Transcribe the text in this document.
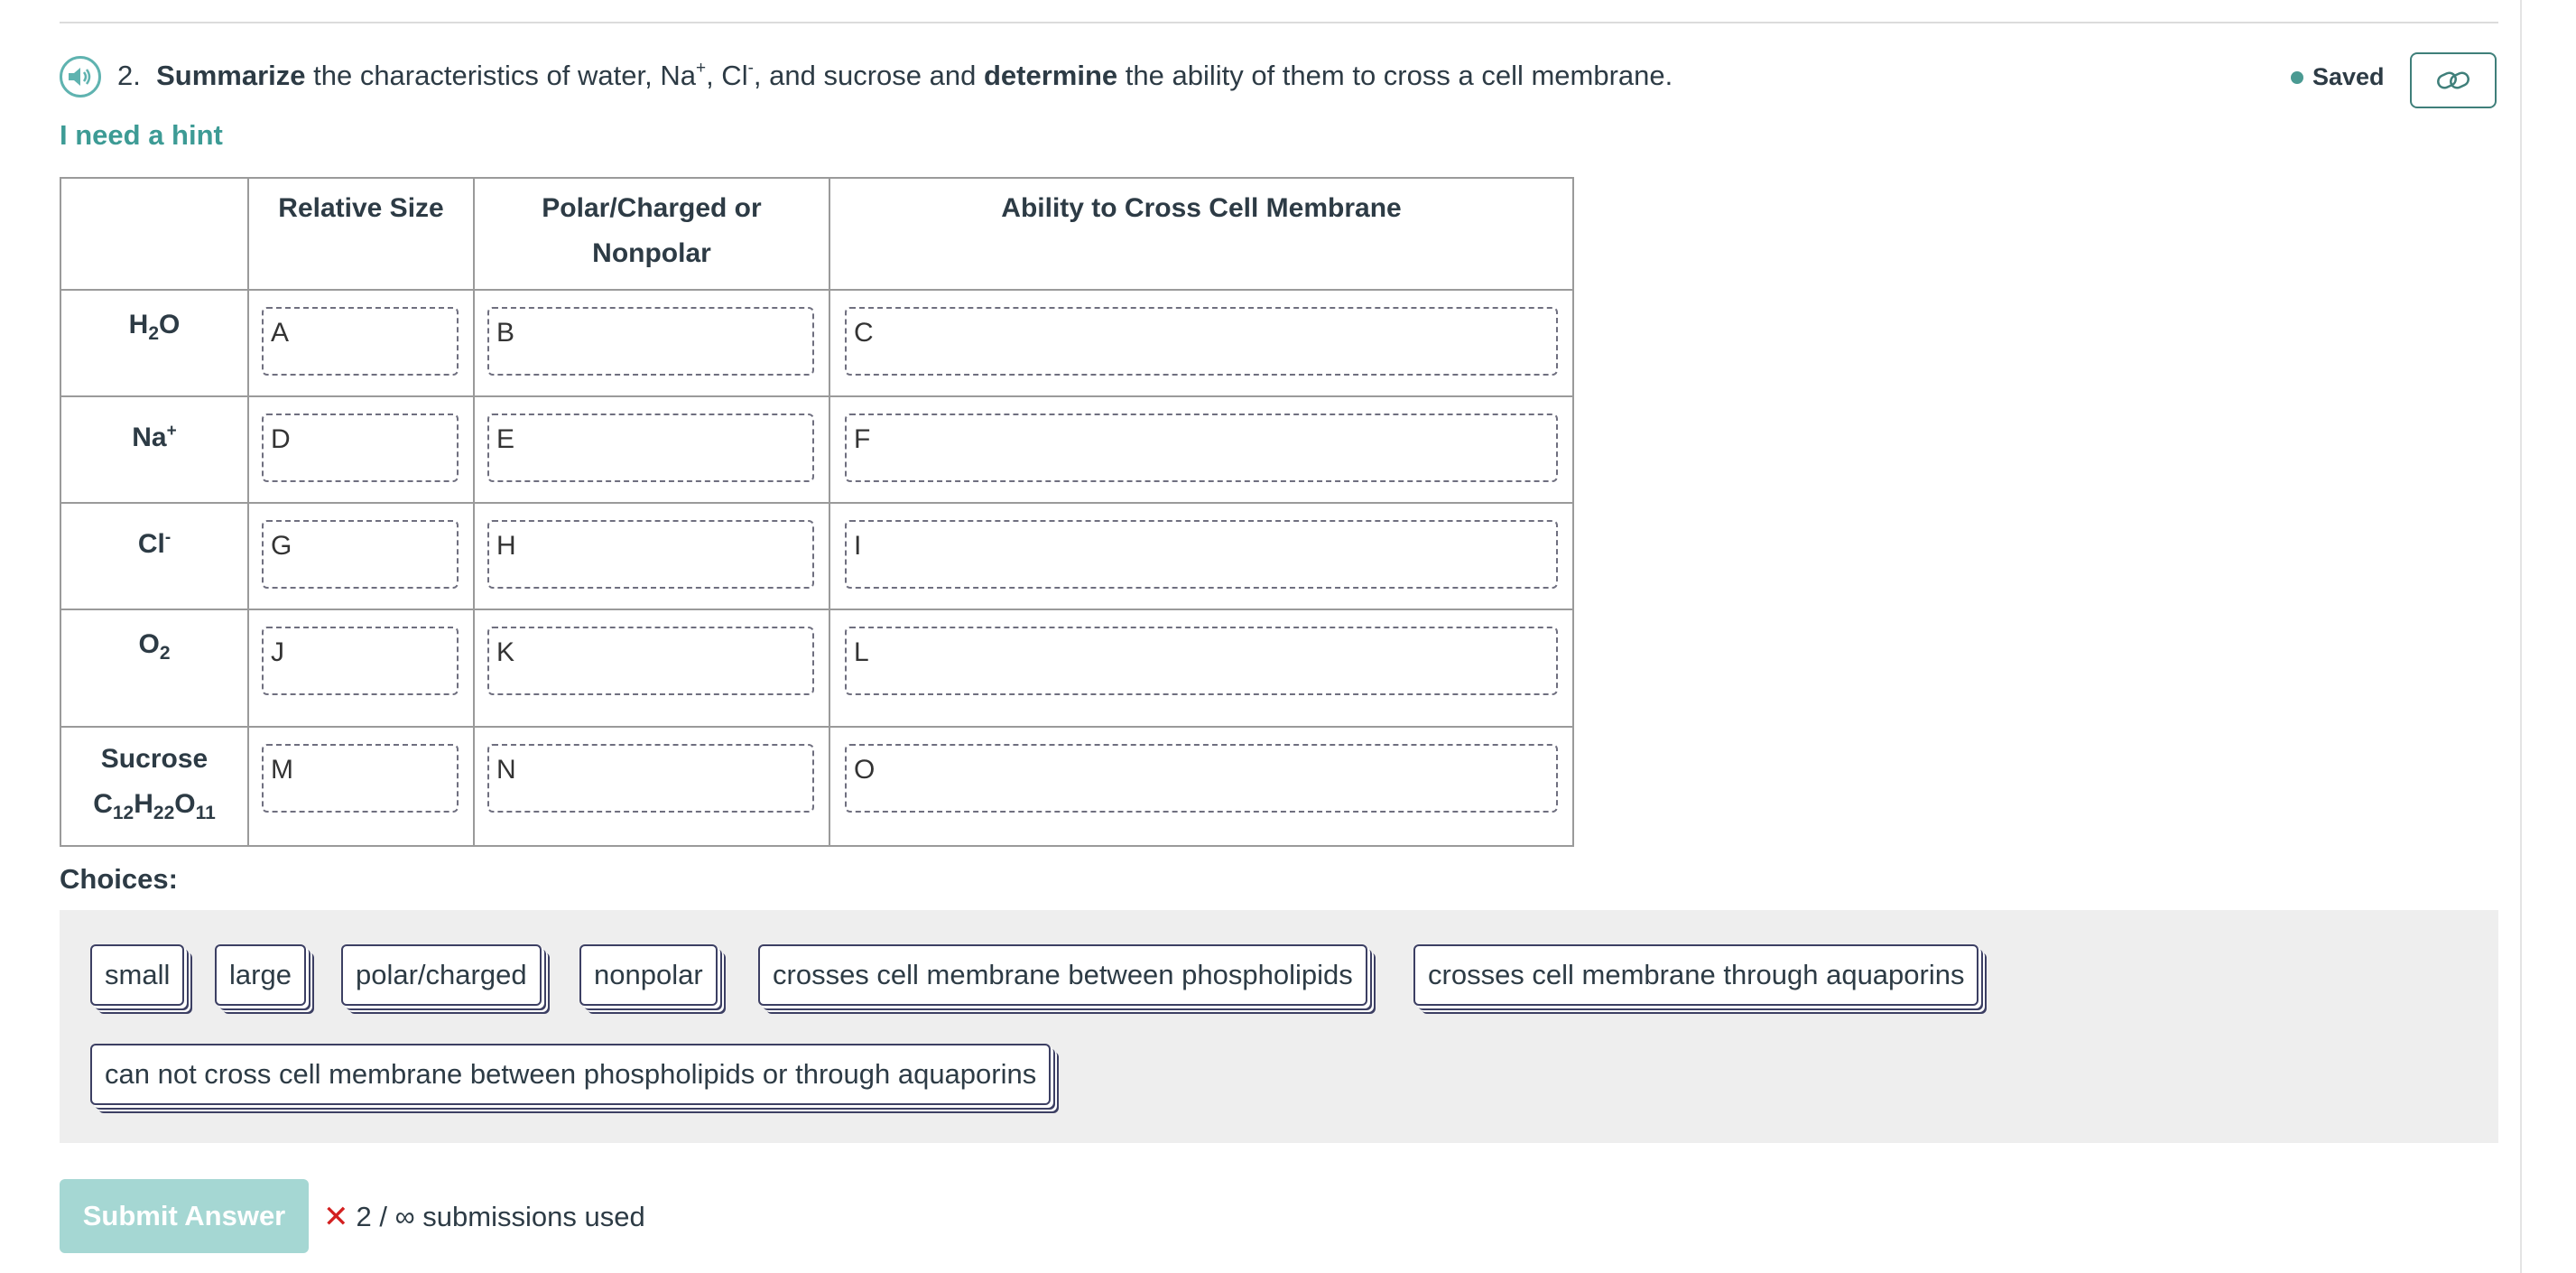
2. Summarize the characteristics of water, Na+, Cl-, and sucrose and determine the ability of them to cross a cell membrane.	Saved
I need a hint
	Relative Size	Polar/Charged or Nonpolar	Ability to Cross Cell Membrane
$H_2O$	A	B	C

Na+	D	E	F

Cl-	G	H	I

$O_2$	J	K	L

Sucrose
$C_{12}H_{22}O_{11}$	M	N	O
Choices:
small	large	polar/charged	nonpolar	crosses cell membrane between phospholipids	crosses cell membrane through aquaporins
can not cross cell membrane between phospholipids or through aquaporins
Submit Answer	✕ 2 / ∞ submissions used
